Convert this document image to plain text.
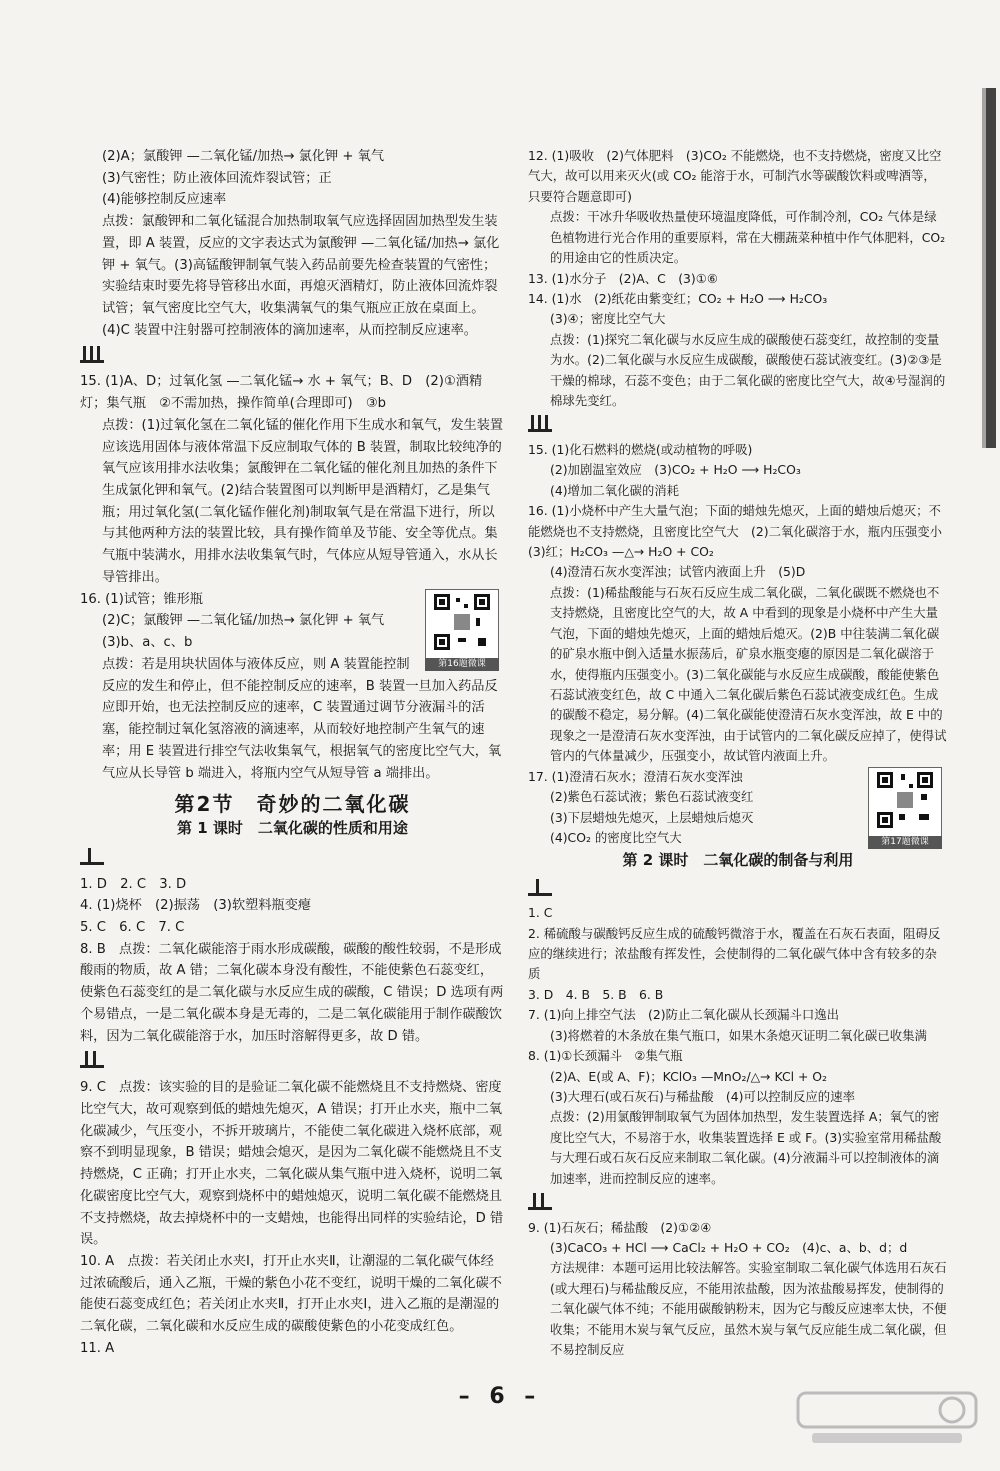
(2)A；氯酸钾 —二氧化锰/加热→ 氯化钾 + 氧气

(3)气密性；防止液体回流炸裂试管；正

(4)能够控制反应速率

点拨：氯酸钾和二氧化锰混合加热制取氧气应选择固固加热型发生装置，即 A 装置，反应的文字表达式为氯酸钾 —二氧化锰/加热→ 氯化钾 + 氧气。(3)高锰酸钾制氧气装入药品前要先检查装置的气密性；实验结束时要先将导管移出水面，再熄灭酒精灯，防止液体回流炸裂试管；氧气密度比空气大，收集满氧气的集气瓶应正放在桌面上。(4)C 装置中注射器可控制液体的滴加速率，从而控制反应速率。

15. (1)A、D；过氧化氢 —二氧化锰→ 水 + 氧气；B、D　(2)①酒精灯；集气瓶　②不需加热，操作简单(合理即可)　③b

点拨：(1)过氧化氢在二氧化锰的催化作用下生成水和氧气，发生装置应该选用固体与液体常温下反应制取气体的 B 装置，制取比较纯净的氧气应该用排水法收集；氯酸钾在二氧化锰的催化剂且加热的条件下生成氯化钾和氧气。(2)结合装置图可以判断甲是酒精灯，乙是集气瓶；用过氧化氢(二氧化锰作催化剂)制取氧气是在常温下进行，所以与其他两种方法的装置比较，具有操作简单及节能、安全等优点。集气瓶中装满水，用排水法收集氧气时，气体应从短导管通入，水从长导管排出。

第16题微课

16. (1)试管；锥形瓶

(2)C；氯酸钾 —二氧化锰/加热→ 氯化钾 + 氧气

(3)b、a、c、b

点拨：若是用块状固体与液体反应，则 A 装置能控制反应的发生和停止，但不能控制反应的速率，B 装置一旦加入药品反应即开始，也无法控制反应的速率，C 装置通过调节分液漏斗的活塞，能控制过氧化氢溶液的滴速率，从而较好地控制产生氧气的速率；用 E 装置进行排空气法收集氧气，根据氧气的密度比空气大，氧气应从长导管 b 端进入，将瓶内空气从短导管 a 端排出。

第2节　奇妙的二氧化碳
第 1 课时　二氧化碳的性质和用途

1. D　2. C　3. D

4. (1)烧杯　(2)振荡　(3)软塑料瓶变瘪

5. C　6. C　7. C

8. B　点拨：二氧化碳能溶于雨水形成碳酸，碳酸的酸性较弱，不是形成酸雨的物质，故 A 错；二氧化碳本身没有酸性，不能使紫色石蕊变红，使紫色石蕊变红的是二氧化碳与水反应生成的碳酸，C 错误；D 选项有两个易错点，一是二氧化碳本身是无毒的，二是二氧化碳能用于制作碳酸饮料，因为二氧化碳能溶于水，加压时溶解得更多，故 D 错。

9. C　点拨：该实验的目的是验证二氧化碳不能燃烧且不支持燃烧、密度比空气大，故可观察到低的蜡烛先熄灭，A 错误；打开止水夹，瓶中二氧化碳减少，气压变小，不拆开玻璃片，不能使二氧化碳进入烧杯底部，观察不到明显现象，B 错误；蜡烛会熄灭，是因为二氧化碳不能燃烧且不支持燃烧，C 正确；打开止水夹，二氧化碳从集气瓶中进入烧杯，说明二氧化碳密度比空气大，观察到烧杯中的蜡烛熄灭，说明二氧化碳不能燃烧且不支持燃烧，故去掉烧杯中的一支蜡烛，也能得出同样的实验结论，D 错误。

10. A　点拨：若关闭止水夹Ⅰ，打开止水夹Ⅱ，让潮湿的二氧化碳气体经过浓硫酸后，通入乙瓶，干燥的紫色小花不变红，说明干燥的二氧化碳不能使石蕊变成红色；若关闭止水夹Ⅱ，打开止水夹Ⅰ，进入乙瓶的是潮湿的二氧化碳，二氧化碳和水反应生成的碳酸使紫色的小花变成红色。

11. A

12. (1)吸收　(2)气体肥料　(3)CO₂ 不能燃烧，也不支持燃烧，密度又比空气大，故可以用来灭火(或 CO₂ 能溶于水，可制汽水等碳酸饮料或啤酒等，只要符合题意即可)

点拨：干冰升华吸收热量使环境温度降低，可作制冷剂，CO₂ 气体是绿色植物进行光合作用的重要原料，常在大棚蔬菜种植中作气体肥料，CO₂ 的用途由它的性质决定。

13. (1)水分子　(2)A、C　(3)①⑥

14. (1)水　(2)纸花由紫变红；CO₂ + H₂O ⟶ H₂CO₃

(3)④；密度比空气大

点拨：(1)探究二氧化碳与水反应生成的碳酸使石蕊变红，故控制的变量为水。(2)二氧化碳与水反应生成碳酸，碳酸使石蕊试液变红。(3)②③是干燥的棉球，石蕊不变色；由于二氧化碳的密度比空气大，故④号湿润的棉球先变红。

15. (1)化石燃料的燃烧(或动植物的呼吸)

(2)加剧温室效应　(3)CO₂ + H₂O ⟶ H₂CO₃

(4)增加二氧化碳的消耗

16. (1)小烧杯中产生大量气泡；下面的蜡烛先熄灭，上面的蜡烛后熄灭；不能燃烧也不支持燃烧，且密度比空气大　(2)二氧化碳溶于水，瓶内压强变小　(3)红；H₂CO₃ —△→ H₂O + CO₂

(4)澄清石灰水变浑浊；试管内液面上升　(5)D

点拨：(1)稀盐酸能与石灰石反应生成二氧化碳，二氧化碳既不燃烧也不支持燃烧，且密度比空气的大，故 A 中看到的现象是小烧杯中产生大量气泡，下面的蜡烛先熄灭，上面的蜡烛后熄灭。(2)B 中往装满二氧化碳的矿泉水瓶中倒入适量水振荡后，矿泉水瓶变瘪的原因是二氧化碳溶于水，使得瓶内压强变小。(3)二氧化碳能与水反应生成碳酸，酸能使紫色石蕊试液变红色，故 C 中通入二氧化碳后紫色石蕊试液变成红色。生成的碳酸不稳定，易分解。(4)二氧化碳能使澄清石灰水变浑浊，故 E 中的现象之一是澄清石灰水变浑浊，由于试管内的二氧化碳反应掉了，使得试管内的气体量减少，压强变小，故试管内液面上升。

第17题微课

17. (1)澄清石灰水；澄清石灰水变浑浊

(2)紫色石蕊试液；紫色石蕊试液变红

(3)下层蜡烛先熄灭，上层蜡烛后熄灭

(4)CO₂ 的密度比空气大

第 2 课时　二氧化碳的制备与利用

1. C

2. 稀硫酸与碳酸钙反应生成的硫酸钙微溶于水，覆盖在石灰石表面，阻碍反应的继续进行；浓盐酸有挥发性，会使制得的二氧化碳气体中含有较多的杂质

3. D　4. B　5. B　6. B

7. (1)向上排空气法　(2)防止二氧化碳从长颈漏斗口逸出

(3)将燃着的木条放在集气瓶口，如果木条熄灭证明二氧化碳已收集满

8. (1)①长颈漏斗　②集气瓶

(2)A、E(或 A、F)；KClO₃ —MnO₂/△→ KCl + O₂

(3)大理石(或石灰石)与稀盐酸　(4)可以控制反应的速率

点拨：(2)用氯酸钾制取氧气为固体加热型，发生装置选择 A；氧气的密度比空气大，不易溶于水，收集装置选择 E 或 F。(3)实验室常用稀盐酸与大理石或石灰石反应来制取二氧化碳。(4)分液漏斗可以控制液体的滴加速率，进而控制反应的速率。

9. (1)石灰石；稀盐酸　(2)①②④

(3)CaCO₃ + HCl ⟶ CaCl₂ + H₂O + CO₂　(4)c、a、b、d；d

方法规律：本题可运用比较法解答。实验室制取二氧化碳气体选用石灰石(或大理石)与稀盐酸反应，不能用浓盐酸，因为浓盐酸易挥发，使制得的二氧化碳气体不纯；不能用碳酸钠粉末，因为它与酸反应速率太快，不便收集；不能用木炭与氧气反应，虽然木炭与氧气反应能生成二氧化碳，但不易控制反应

– 6 –
